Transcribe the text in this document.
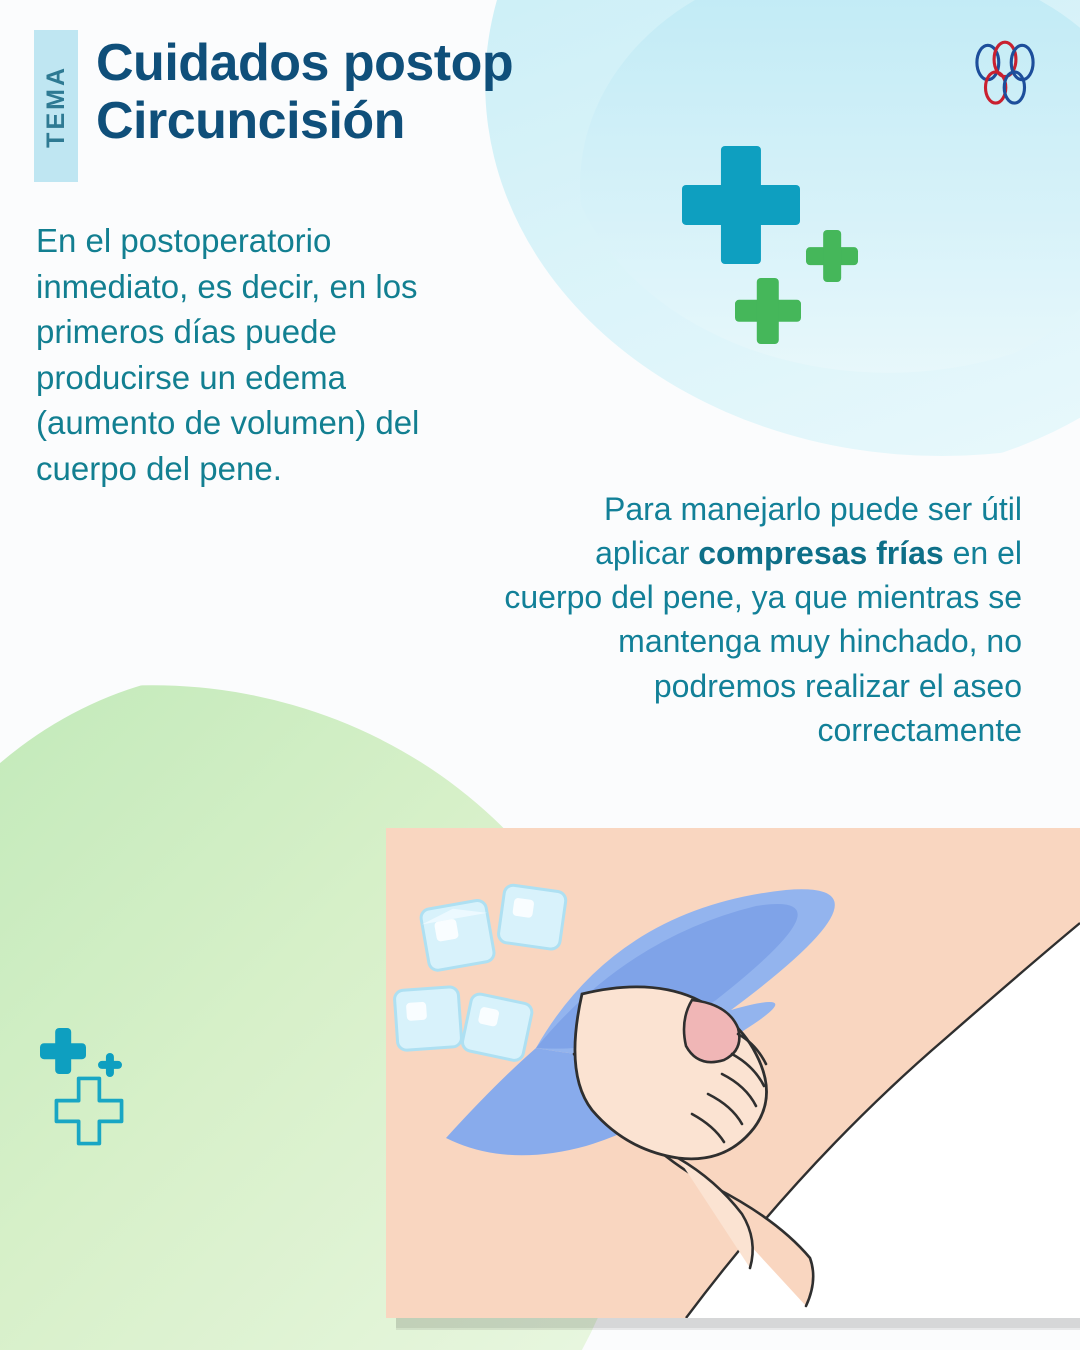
TEMA
Cuidados postop
Circuncisión
En el postoperatorio inmediato, es decir, en los primeros días puede producirse un edema (aumento de volumen) del cuerpo del pene.
Para manejarlo puede ser útil aplicar compresas frías en el cuerpo del pene, ya que mientras se mantenga muy hinchado, no podremos realizar el aseo correctamente
